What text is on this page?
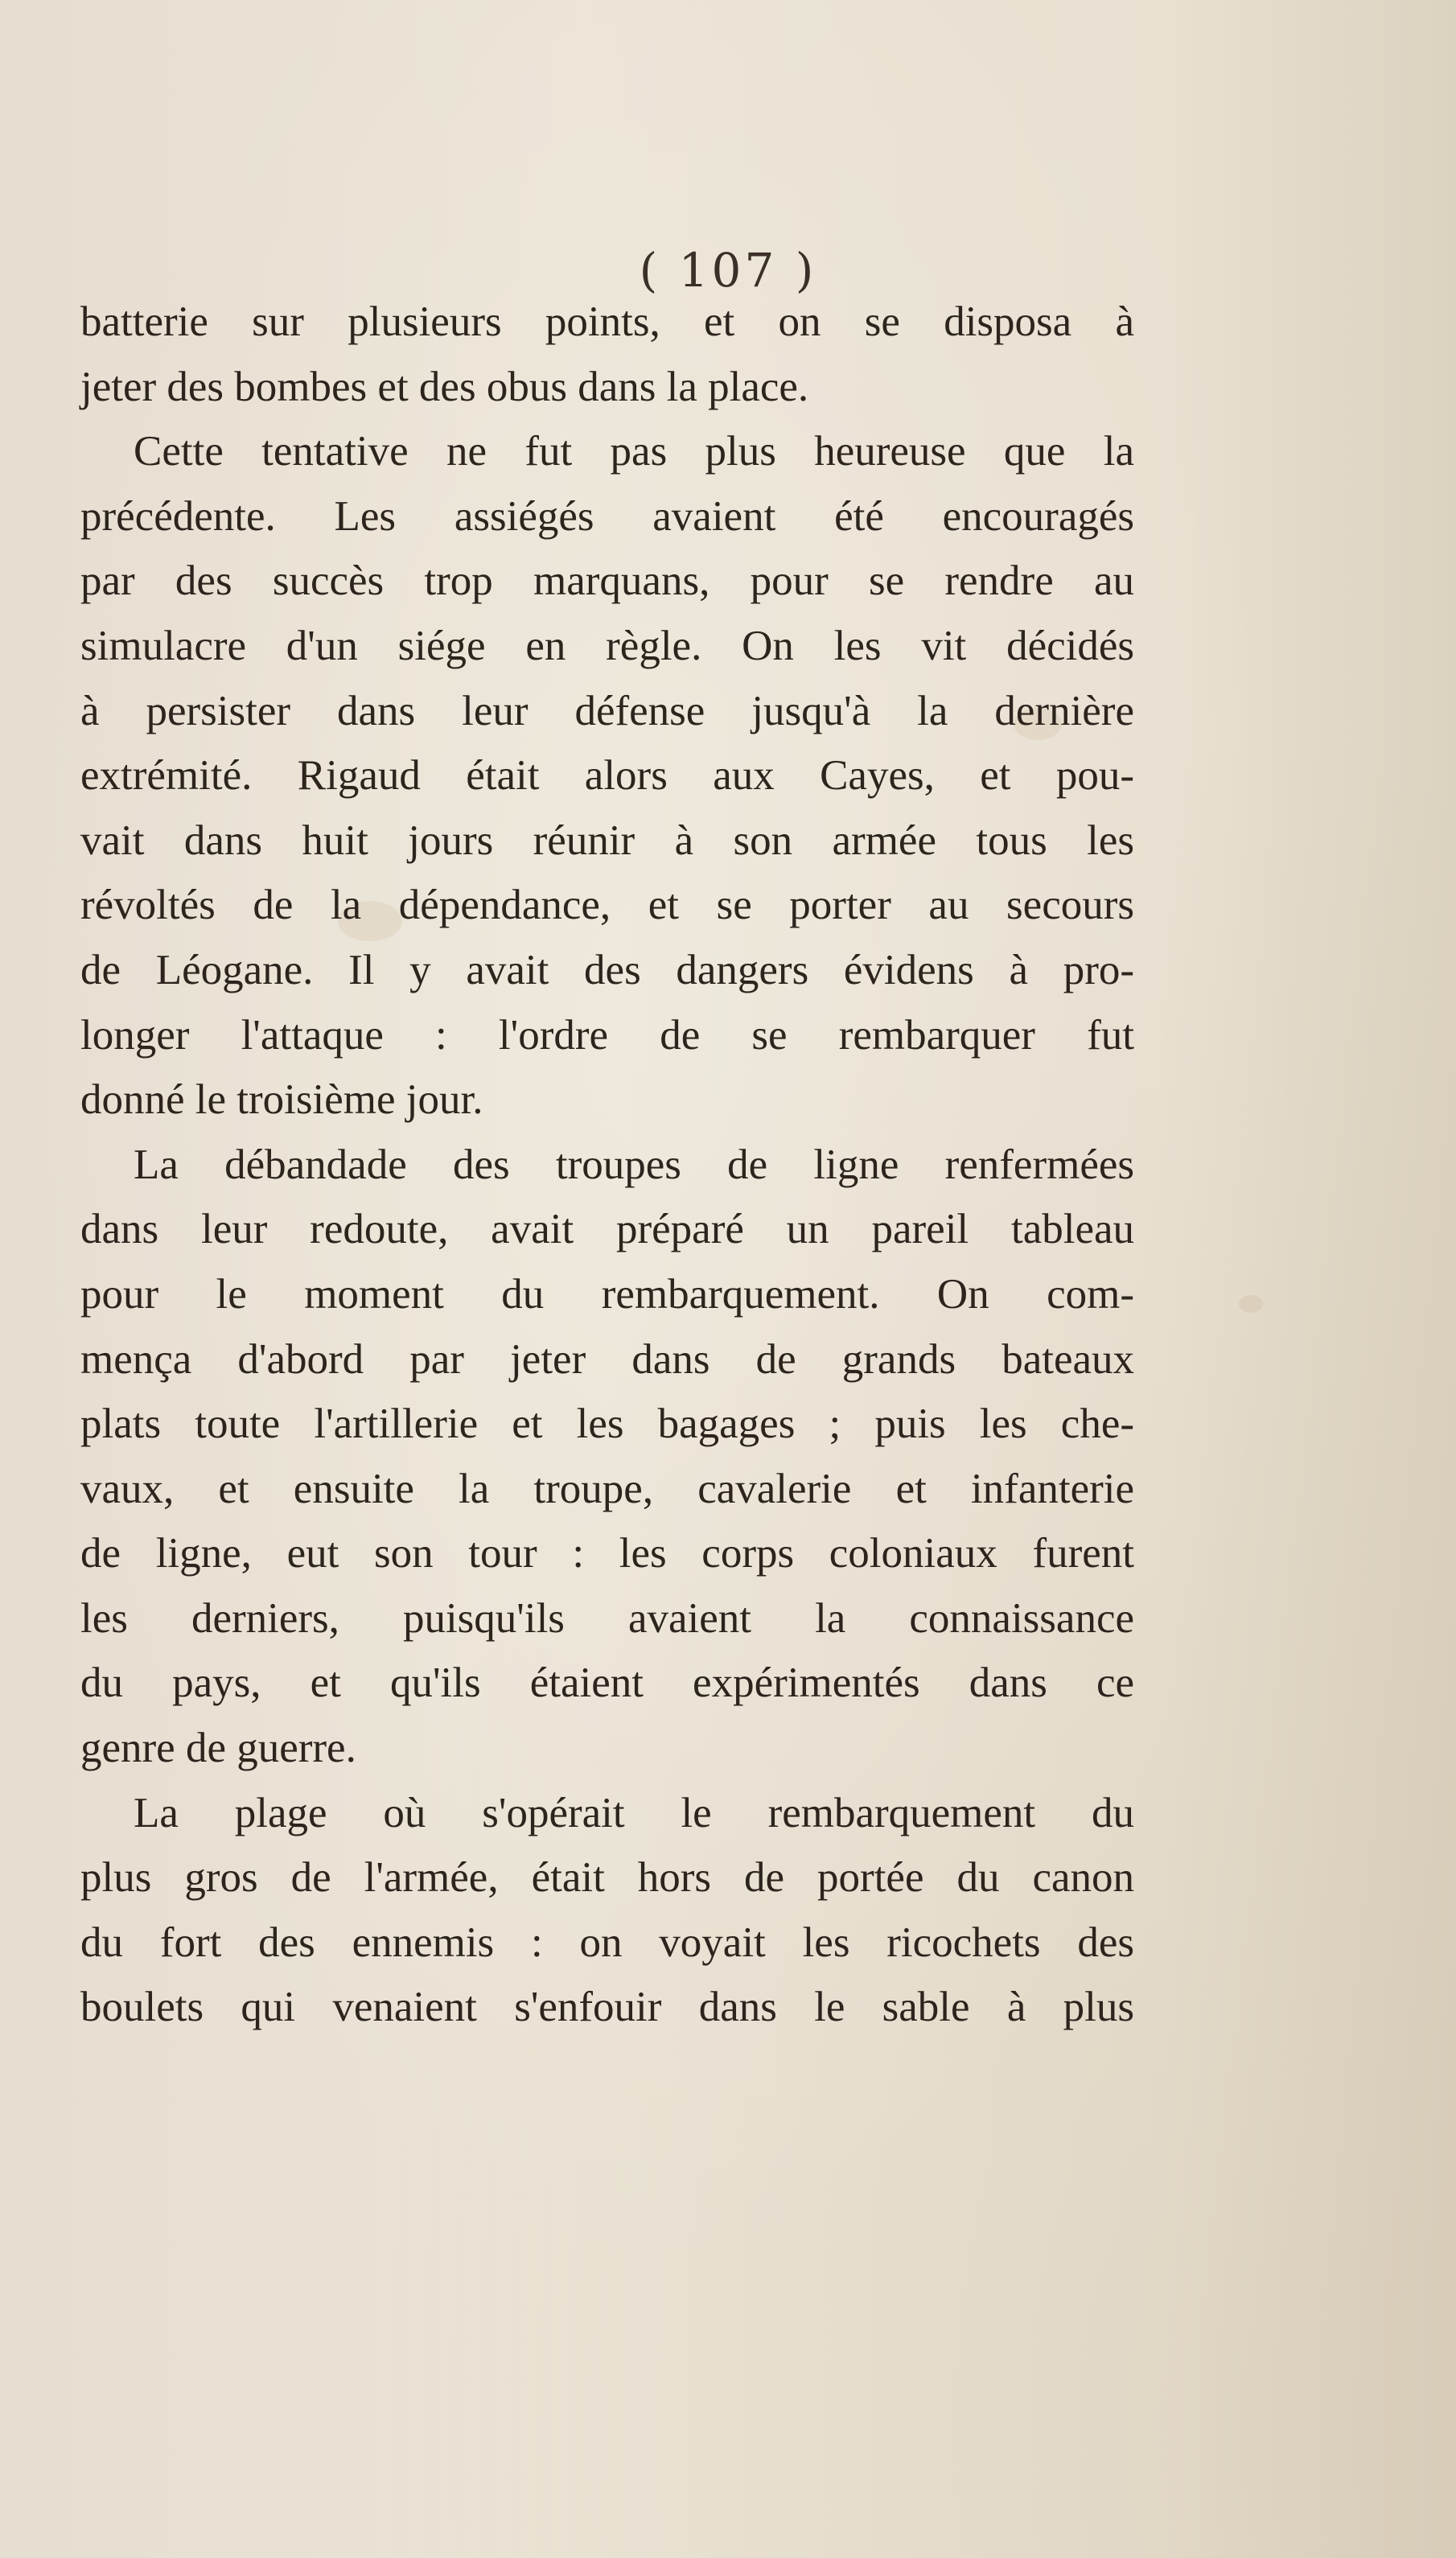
( 107 )
batterie sur plusieurs points, et on se disposa à
jeter des bombes et des obus dans la place.
Cette tentative ne fut pas plus heureuse que la
précédente. Les assiégés avaient été encouragés
par des succès trop marquans, pour se rendre au
simulacre d'un siége en règle. On les vit décidés
à persister dans leur défense jusqu'à la dernière
extrémité. Rigaud était alors aux Cayes, et pou-
vait dans huit jours réunir à son armée tous les
révoltés de la dépendance, et se porter au secours
de Léogane. Il y avait des dangers évidens à pro-
longer l'attaque : l'ordre de se rembarquer fut
donné le troisième jour.
La débandade des troupes de ligne renfermées
dans leur redoute, avait préparé un pareil tableau
pour le moment du rembarquement. On com-
mença d'abord par jeter dans de grands bateaux
plats toute l'artillerie et les bagages ; puis les che-
vaux, et ensuite la troupe, cavalerie et infanterie
de ligne, eut son tour : les corps coloniaux furent
les derniers, puisqu'ils avaient la connaissance
du pays, et qu'ils étaient expérimentés dans ce
genre de guerre.
La plage où s'opérait le rembarquement du
plus gros de l'armée, était hors de portée du canon
du fort des ennemis : on voyait les ricochets des
boulets qui venaient s'enfouir dans le sable à plus
